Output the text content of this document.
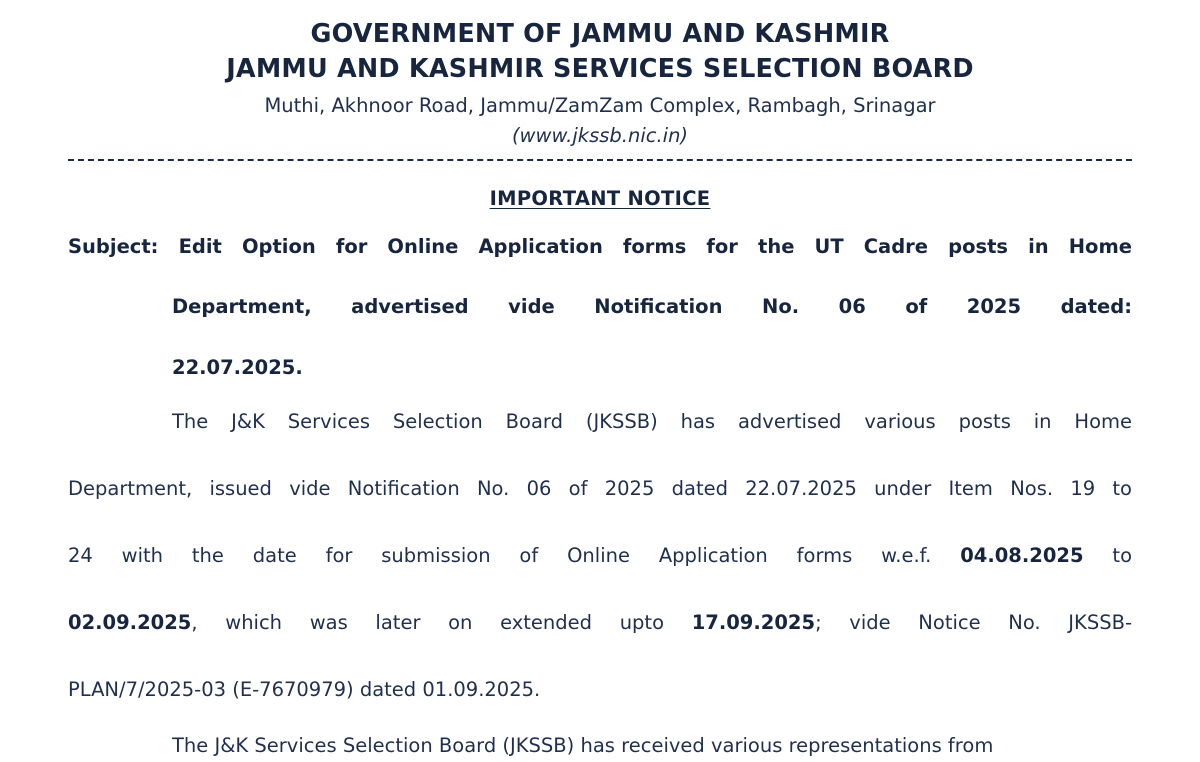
GOVERNMENT OF JAMMU AND KASHMIR
JAMMU AND KASHMIR SERVICES SELECTION BOARD
Muthi, Akhnoor Road, Jammu/ZamZam Complex, Rambagh, Srinagar
(www.jkssb.nic.in)
IMPORTANT NOTICE
Subject: Edit Option for Online Application forms for the UT Cadre posts in Home
Department, advertised vide Notification No. 06 of 2025 dated:
22.07.2025.
The J&K Services Selection Board (JKSSB) has advertised various posts in Home
Department, issued vide Notification No. 06 of 2025 dated 22.07.2025 under Item Nos. 19 to
24 with the date for submission of Online Application forms w.e.f. 04.08.2025 to
02.09.2025, which was later on extended upto 17.09.2025; vide Notice No. JKSSB-
PLAN/7/2025-03 (E-7670979) dated 01.09.2025.
The J&K Services Selection Board (JKSSB) has received various representations from
